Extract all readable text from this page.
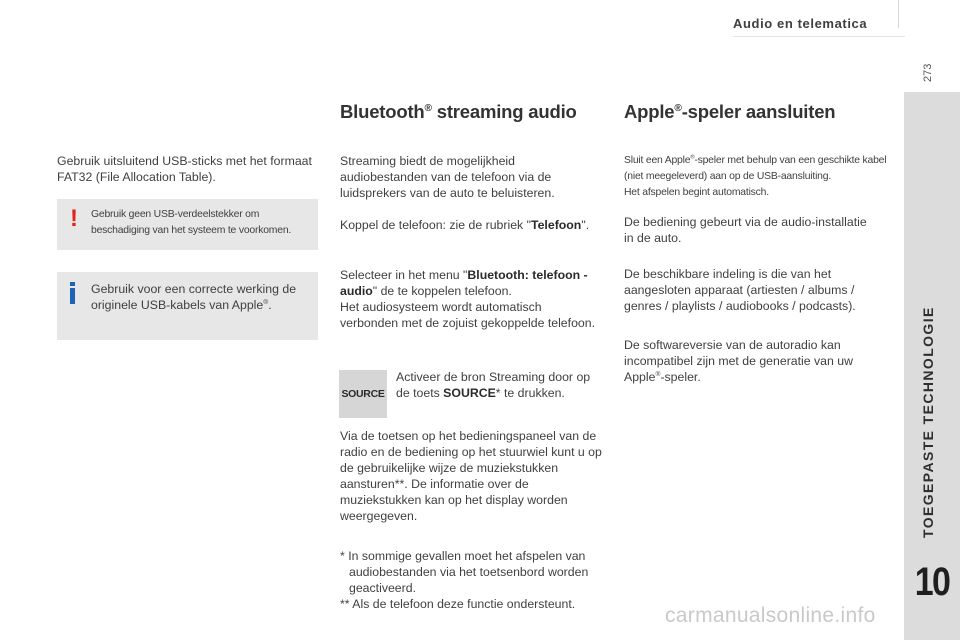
Audio en telematica
273
TOEGEPASTE TECHNOLOGIE
10
Gebruik uitsluitend USB-sticks met het formaat FAT32 (File Allocation Table).
! Gebruik geen USB-verdeelstekker om beschadiging van het systeem te voorkomen.
Gebruik voor een correcte werking de originele USB-kabels van Apple®.
Bluetooth® streaming audio
Streaming biedt de mogelijkheid audiobestanden van de telefoon via de luidsprekers van de auto te beluisteren.
Koppel de telefoon: zie de rubriek "Telefoon".
Selecteer in het menu "Bluetooth: telefoon - audio" de te koppelen telefoon.
Het audiosysteem wordt automatisch verbonden met de zojuist gekoppelde telefoon.
SOURCE
Activeer de bron Streaming door op de toets SOURCE* te drukken.
Via de toetsen op het bedieningspaneel van de radio en de bediening op het stuurwiel kunt u op de gebruikelijke wijze de muziekstukken aansturen**. De informatie over de muziekstukken kan op het display worden weergegeven.
* In sommige gevallen moet het afspelen van audiobestanden via het toetsenbord worden geactiveerd.
** Als de telefoon deze functie ondersteunt.
Apple®-speler aansluiten
Sluit een Apple®-speler met behulp van een geschikte kabel (niet meegeleverd) aan op de USB-aansluiting.
Het afspelen begint automatisch.
De bediening gebeurt via de audio-installatie in de auto.
De beschikbare indeling is die van het aangesloten apparaat (artiesten / albums / genres / playlists / audiobooks / podcasts).
De softwareversie van de autoradio kan incompatibel zijn met de generatie van uw Apple®-speler.
carmanualsonline.info
